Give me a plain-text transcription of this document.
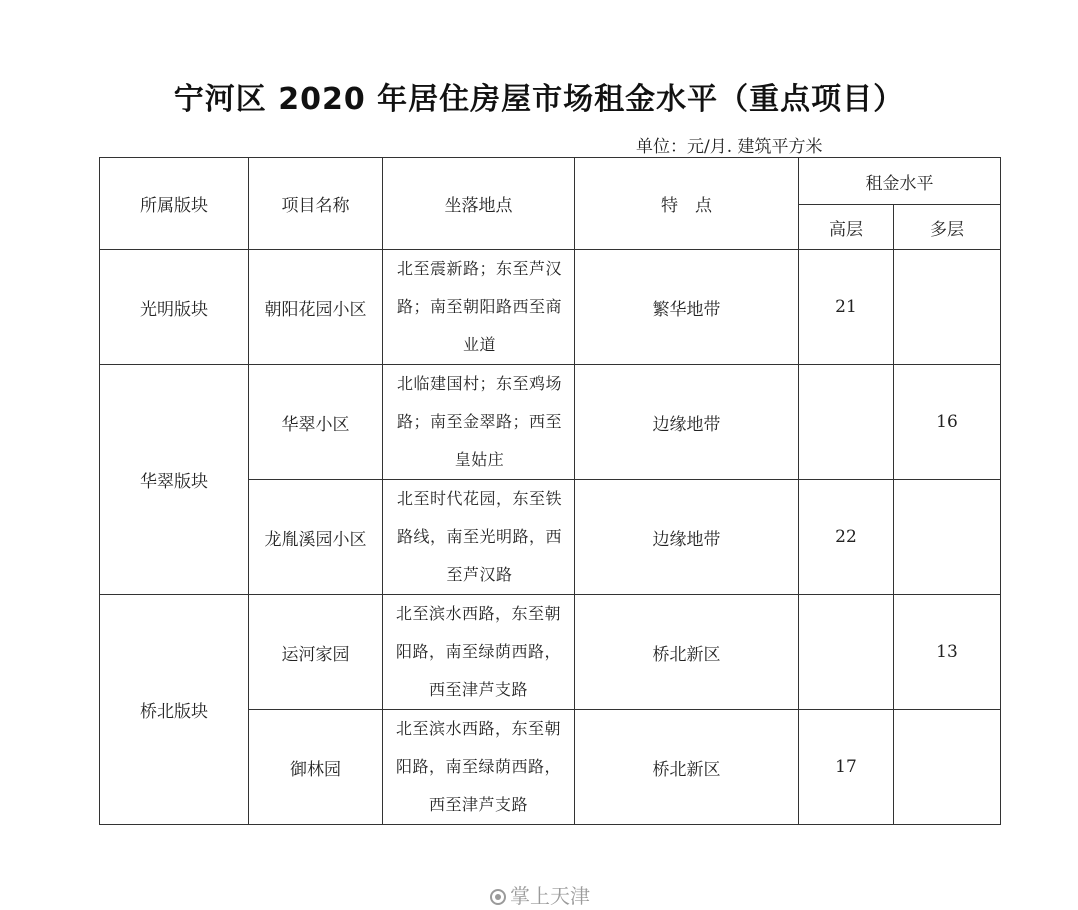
宁河区 2020 年居住房屋市场租金水平（重点项目）
单位：元/月. 建筑平方米
所属版块	项目名称	坐落地点	特　点	租金水平	
				高层	多层
光明版块	朝阳花园小区	北至震新路；东至芦汉路；南至朝阳路西至商业道	繁华地带	21	
华翠版块	华翠小区	北临建国村；东至鸡场路；南至金翠路；西至皇姑庄	边缘地带		16
	龙胤溪园小区	北至时代花园，东至铁路线，南至光明路，西至芦汉路	边缘地带	22	
桥北版块	运河家园	北至滨水西路，东至朝阳路，南至绿荫西路，西至津芦支路	桥北新区		13
	御林园	北至滨水西路，东至朝阳路，南至绿荫西路，西至津芦支路	桥北新区	17	
掌上天津
